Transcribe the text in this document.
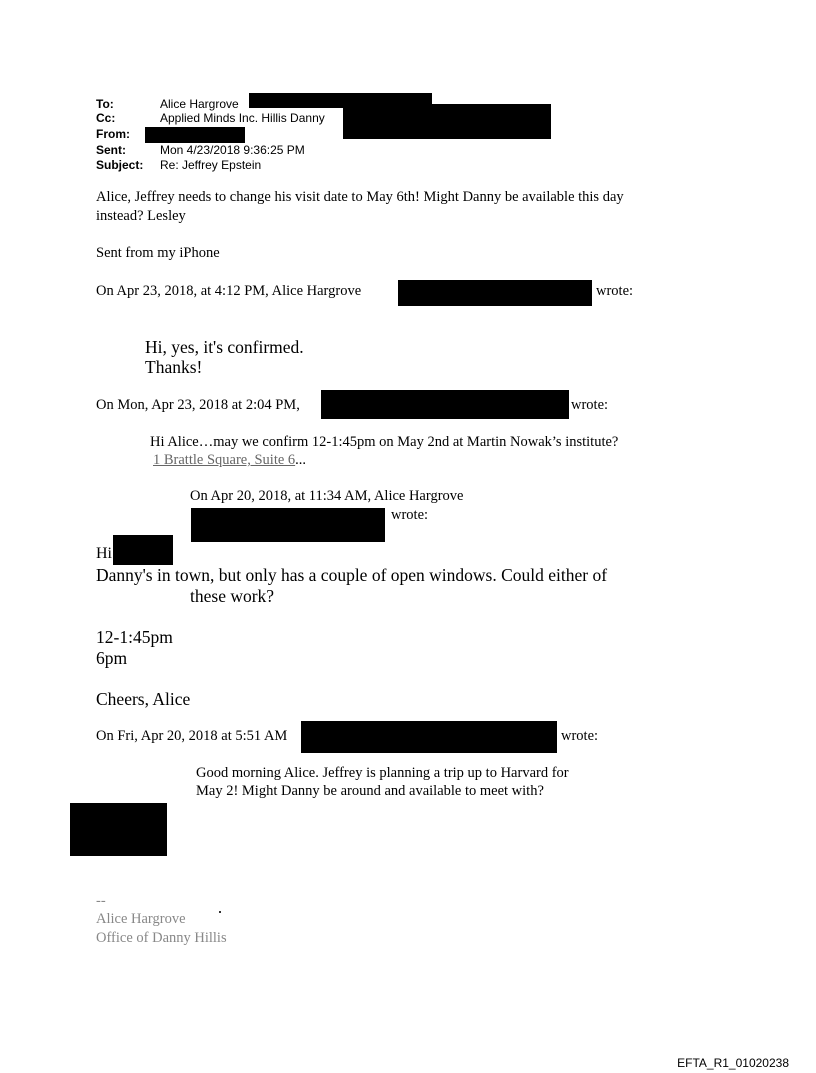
To:	Alice Hargrove
Cc:	Applied Minds Inc. Hillis Danny
From:
Sent:	Mon 4/23/2018 9:36:25 PM
Subject: Re: Jeffrey Epstein
Alice, Jeffrey needs to change his visit date to May 6th! Might Danny be available this day
instead? Lesley
Sent from my iPhone
On Apr 23, 2018, at 4:12 PM, Alice Hargrove	wrote:
Hi, yes, it's confirmed.
Thanks!
On Mon, Apr 23, 2018 at 2:04 PM,	wrote:
Hi Alice…may we confirm 12-1:45pm on May 2nd at Martin Nowak’s institute?
1 Brattle Square, Suite 6...
On Apr 20, 2018, at 11:34 AM, Alice Hargrove
wrote:
Hi
Danny's in town, but only has a couple of open windows. Could either of
these work?
12-1:45pm
6pm
Cheers, Alice
On Fri, Apr 20, 2018 at 5:51 AM	wrote:
Good morning Alice. Jeffrey is planning a trip up to Harvard for
May 2! Might Danny be around and available to meet with?
--
Alice Hargrove
Office of Danny Hillis
EFTA_R1_01020238
